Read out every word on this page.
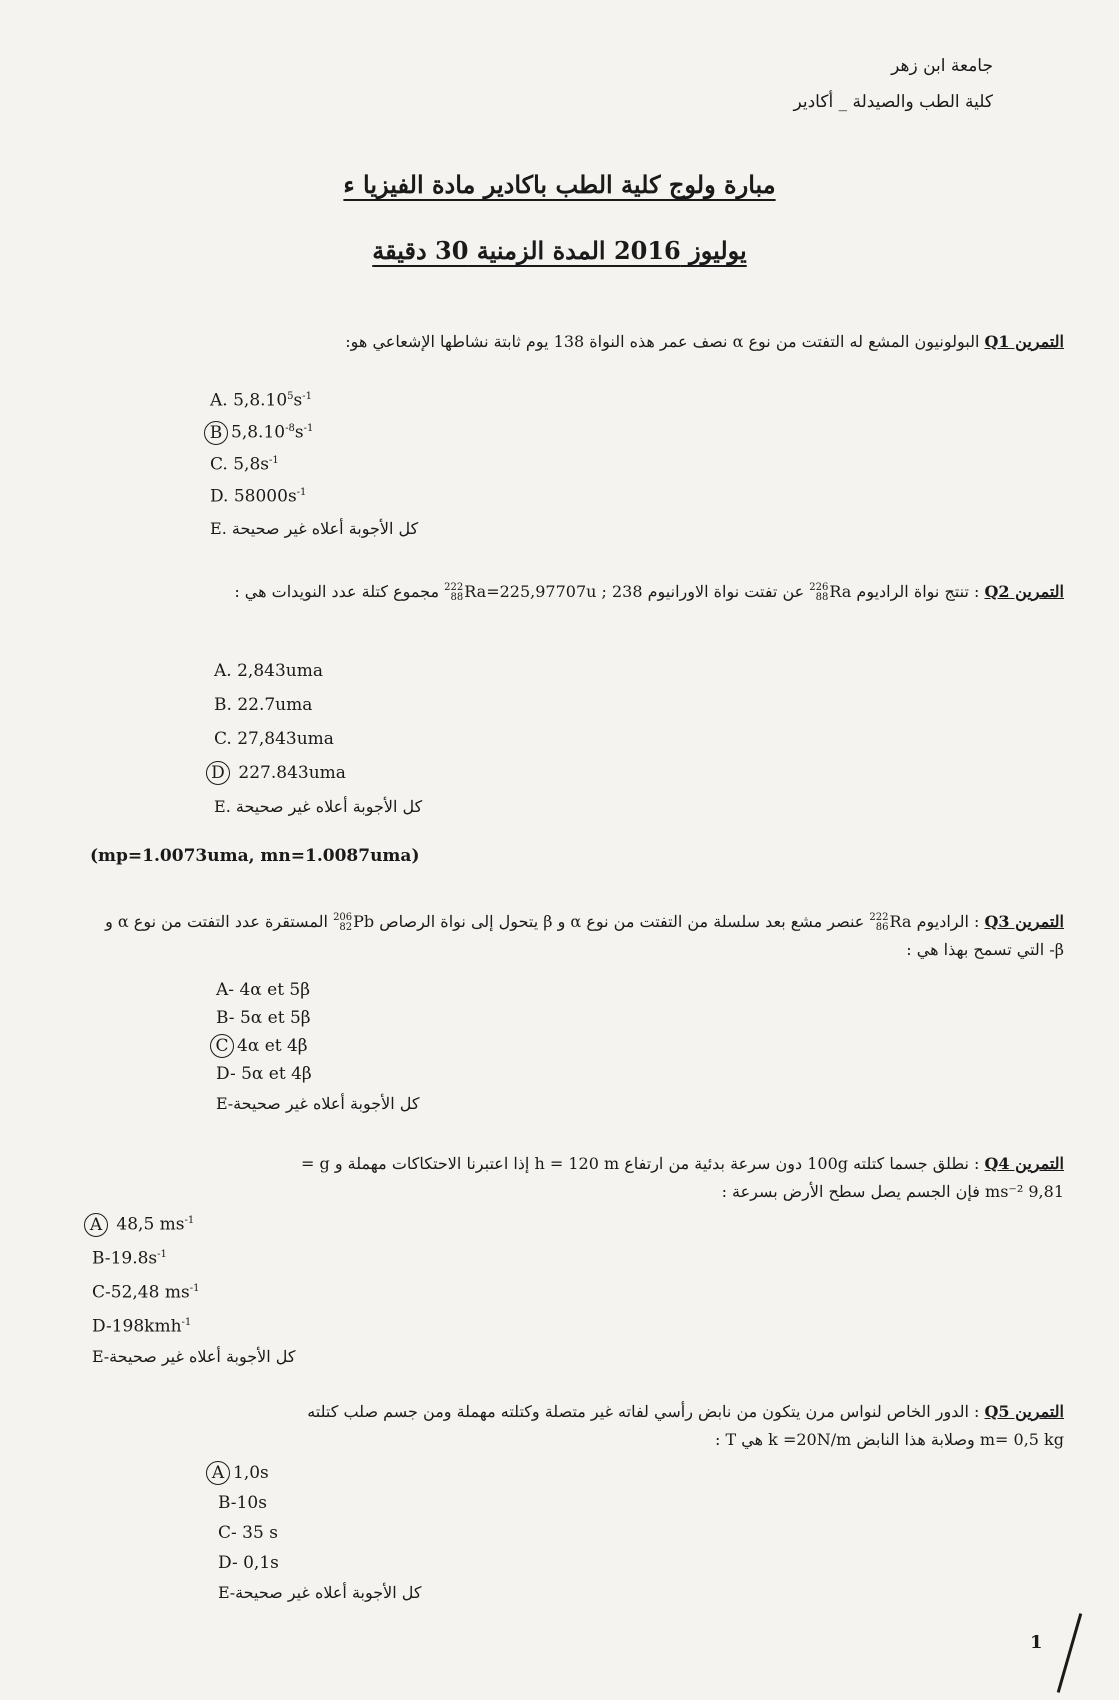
جامعة ابن زهر
كلية الطب والصيدلة _ أكادير
مبارة ولوج كلية الطب باكادير مادة الفيزيا ء
يوليوز 2016 المدة الزمنية 30 دقيقة
التمرين Q1 البولونيون المشع له التفتت من نوع α نصف عمر هذه النواة 138 يوم ثابتة نشاطها الإشعاعي هو:
A. $5,8.10^5s^{-1}$
B $5,8.10^{-8}s^{-1}$
C. $5,8s^{-1}$
D. $58000s^{-1}$
كل الأجوبة أعلاه غير صحيحة .E
التمرين Q2 : تنتج نواة الراديوم 226
88Ra عن تفتت نواة الاورانيوم 238 ; 222
88Ra=225,97707u مجموع كتلة عدد النويدات هي :
A. 2,843uma
B. 22.7uma
C. 27,843uma
D 227.843uma
كل الأجوبة أعلاه غير صحيحة .E
(mp=1.0073uma, mn=1.0087uma)
التمرين Q3 : الراديوم 222
86Ra عنصر مشع بعد سلسلة من التفتت من نوع α و β يتحول إلى نواة الرصاص 206
82Pb المستقرة عدد التفتت من نوع α و β- التي تسمح بهذا هي :
A- 4α et 5β
B- 5α et 5β
C 4α et 4β
D- 5α et 4β
كل الأجوبة أعلاه غير صحيحة-E
التمرين Q4 : نطلق جسما كتلته 100g دون سرعة بدئية من ارتفاع h = 120 m إذا اعتبرنا الاحتكاكات مهملة و g =
9,81 ms⁻² فإن الجسم يصل سطح الأرض بسرعة :
A 48,5 $ms^{-1}$
$B-19.8s^{-1}$
C-52,48 $ms^{-1}$
D-198kmh$^{-1}$
كل الأجوبة أعلاه غير صحيحة-E
التمرين Q5 : الدور الخاص لنواس مرن يتكون من نابض رأسي لفاته غير متصلة وكتلته مهملة ومن جسم صلب كتلته
m= 0,5 kg وصلابة هذا النابض k =20N/m هي T :
A 1,0s
B-10s
C- 35 s
D- 0,1s
كل الأجوبة أعلاه غير صحيحة-E
1
